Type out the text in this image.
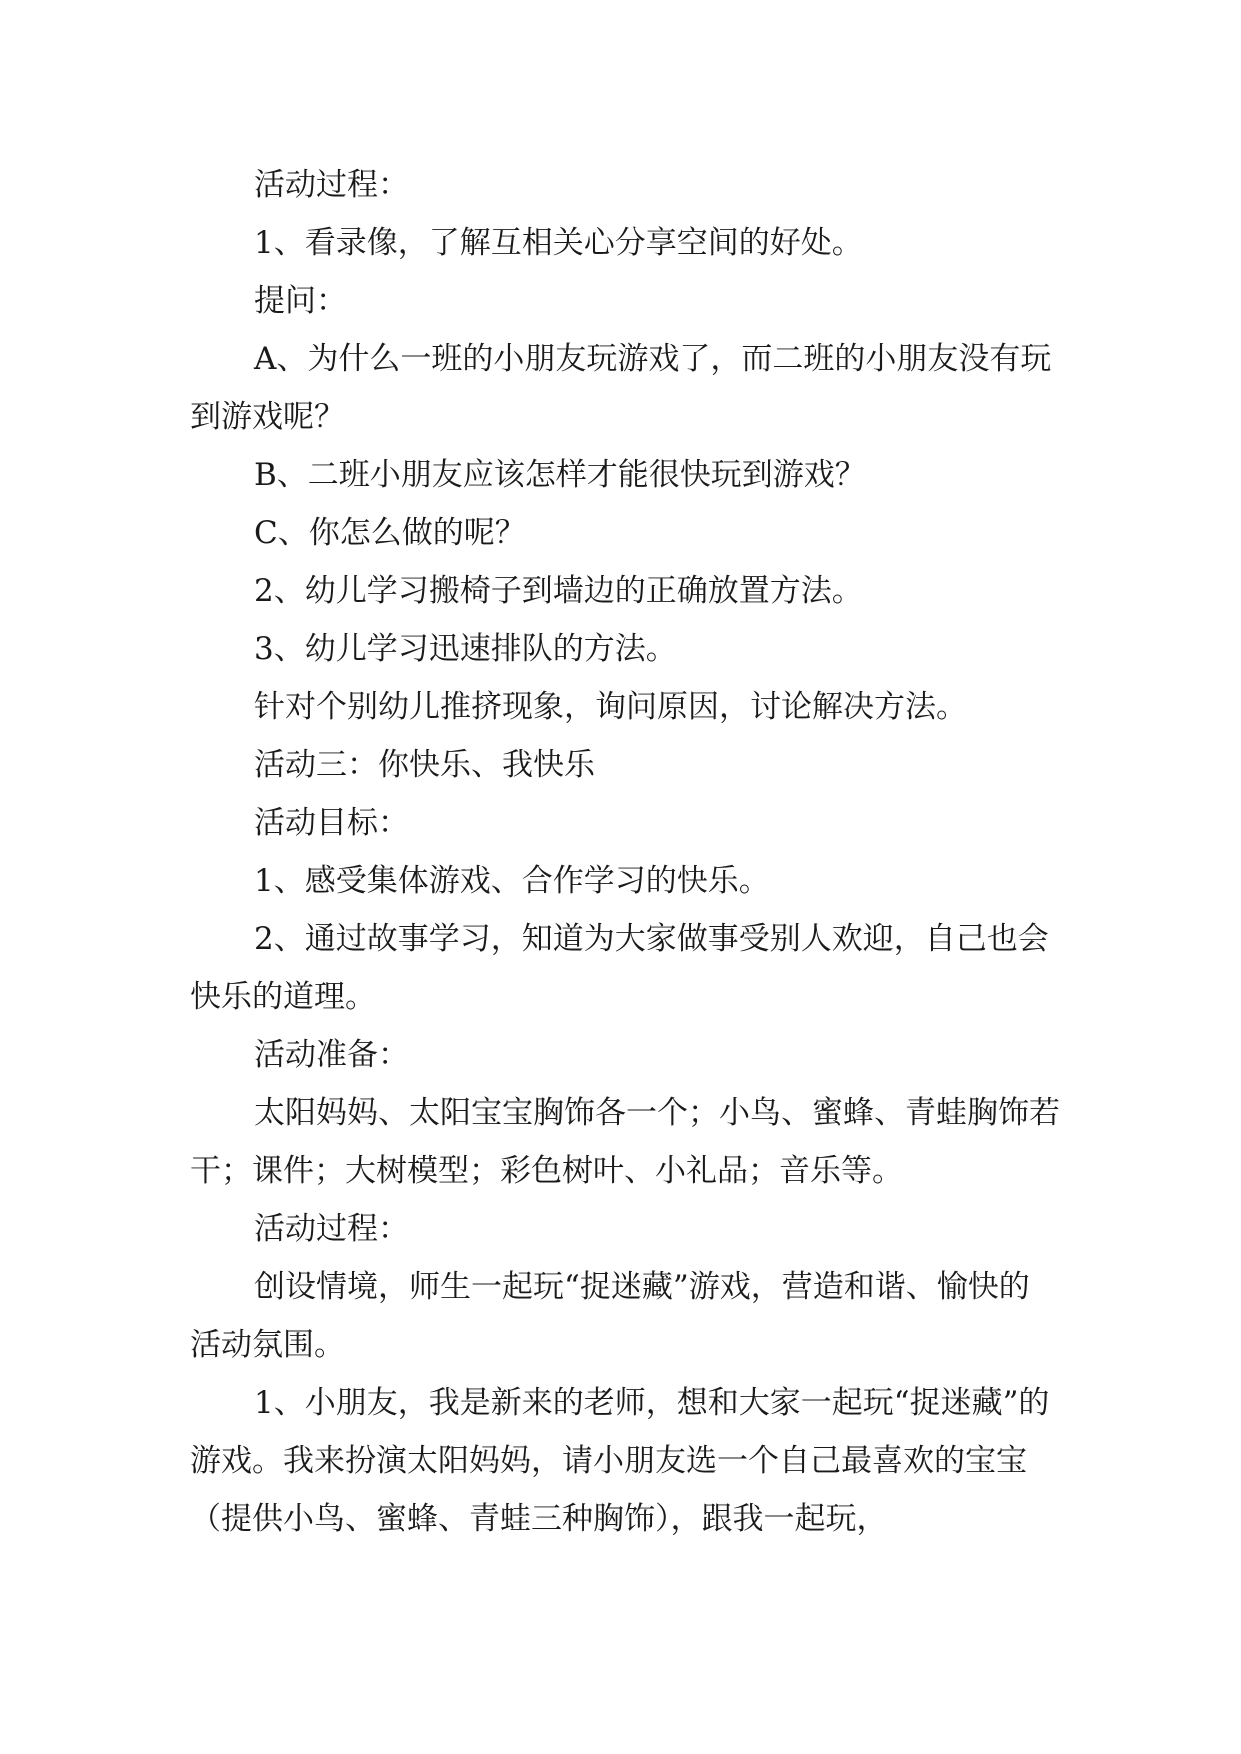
活动过程：

1、看录像，了解互相关心分享空间的好处。

提问：

A、为什么一班的小朋友玩游戏了，而二班的小朋友没有玩到游戏呢？

B、二班小朋友应该怎样才能很快玩到游戏？

C、你怎么做的呢？

2、幼儿学习搬椅子到墙边的正确放置方法。

3、幼儿学习迅速排队的方法。

针对个别幼儿推挤现象，询问原因，讨论解决方法。

活动三：你快乐、我快乐

活动目标：

1、感受集体游戏、合作学习的快乐。

2、通过故事学习，知道为大家做事受别人欢迎，自己也会快乐的道理。

活动准备：

太阳妈妈、太阳宝宝胸饰各一个；小鸟、蜜蜂、青蛙胸饰若干；课件；大树模型；彩色树叶、小礼品；音乐等。

活动过程：

创设情境，师生一起玩“捉迷藏”游戏，营造和谐、愉快的活动氛围。

1、小朋友，我是新来的老师，想和大家一起玩“捉迷藏”的游戏。我来扮演太阳妈妈，请小朋友选一个自己最喜欢的宝宝（提供小鸟、蜜蜂、青蛙三种胸饰），跟我一起玩，
